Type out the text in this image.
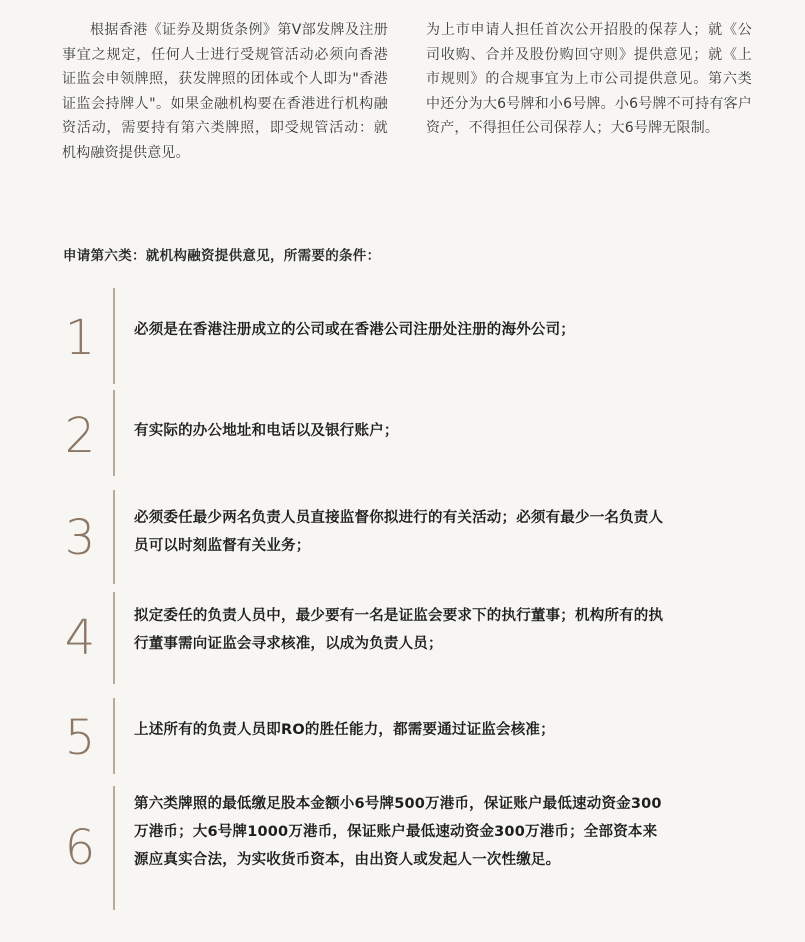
根据香港《证券及期货条例》第V部发牌及注册事宜之规定，任何人士进行受规管活动必须向香港证监会申领牌照，获发牌照的团体或个人即为"香港证监会持牌人"。如果金融机构要在香港进行机构融资活动，需要持有第六类牌照，即受规管活动：就机构融资提供意见。

为上市申请人担任首次公开招股的保荐人；就《公司收购、合并及股份购回守则》提供意见；就《上市规则》的合规事宜为上市公司提供意见。第六类中还分为大6号牌和小6号牌。小6号牌不可持有客户资产，不得担任公司保荐人；大6号牌无限制。

申请第六类：就机构融资提供意见，所需要的条件：
1	必须是在香港注册成立的公司或在香港公司注册处注册的海外公司；
2	有实际的办公地址和电话以及银行账户；
3	必须委任最少两名负责人员直接监督你拟进行的有关活动；必须有最少一名负责人员可以时刻监督有关业务；
4	拟定委任的负责人员中，最少要有一名是证监会要求下的执行董事；机构所有的执行董事需向证监会寻求核准，以成为负责人员；
5	上述所有的负责人员即RO的胜任能力，都需要通过证监会核准；
6
第六类牌照的最低缴足股本金额小6号牌500万港币，保证账户最低速动资金300万港币；大6号牌1000万港币，保证账户最低速动资金300万港币；全部资本来源应真实合法，为实收货币资本，由出资人或发起人一次性缴足。
